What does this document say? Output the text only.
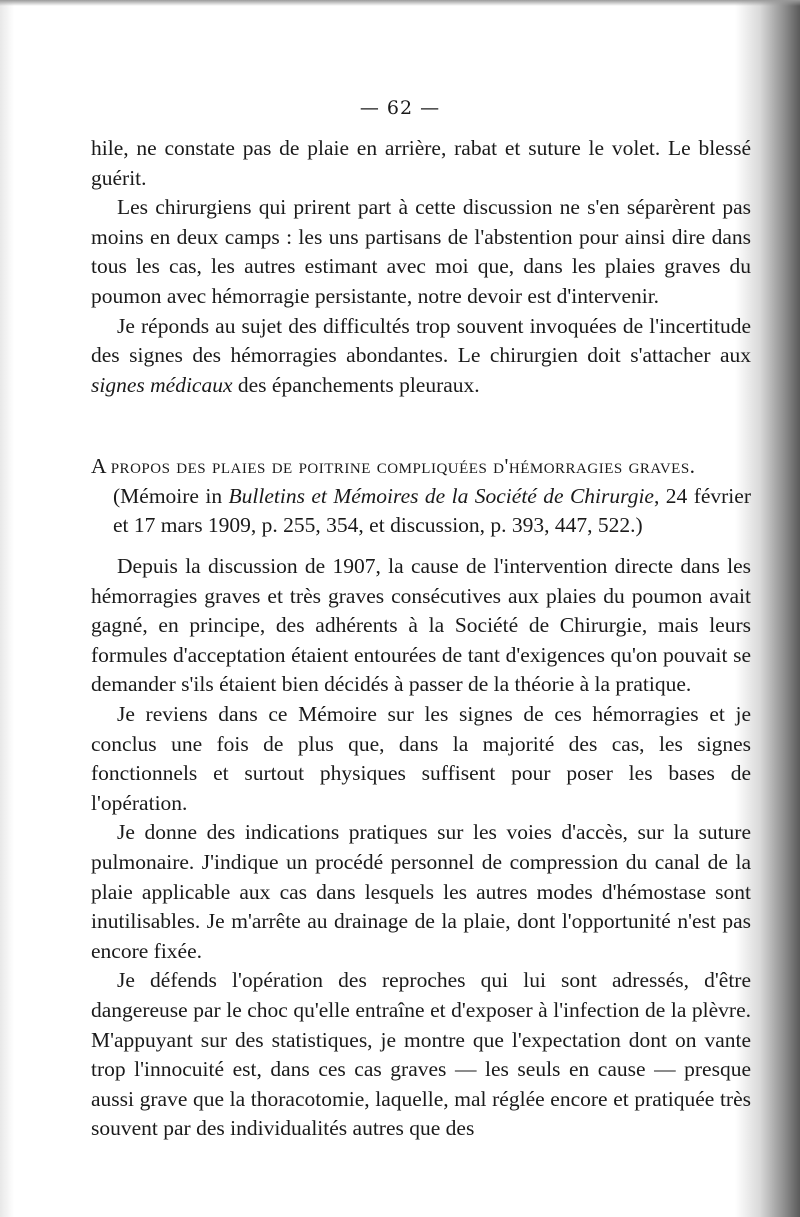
— 62 —

hile, ne constate pas de plaie en arrière, rabat et suture le volet. Le blessé guérit.

Les chirurgiens qui prirent part à cette discussion ne s'en séparèrent pas moins en deux camps : les uns partisans de l'abstention pour ainsi dire dans tous les cas, les autres estimant avec moi que, dans les plaies graves du poumon avec hémorragie persistante, notre devoir est d'intervenir.

Je réponds au sujet des difficultés trop souvent invoquées de l'incertitude des signes des hémorragies abondantes. Le chirurgien doit s'attacher aux signes médicaux des épanchements pleuraux.

A propos des plaies de poitrine compliquées d'hémorragies graves.
(Mémoire in Bulletins et Mémoires de la Société de Chirurgie, 24 février et 17 mars 1909, p. 255, 354, et discussion, p. 393, 447, 522.)

Depuis la discussion de 1907, la cause de l'intervention directe dans les hémorragies graves et très graves consécutives aux plaies du poumon avait gagné, en principe, des adhérents à la Société de Chirurgie, mais leurs formules d'acceptation étaient entourées de tant d'exigences qu'on pouvait se demander s'ils étaient bien décidés à passer de la théorie à la pratique.

Je reviens dans ce Mémoire sur les signes de ces hémorragies et je conclus une fois de plus que, dans la majorité des cas, les signes fonctionnels et surtout physiques suffisent pour poser les bases de l'opération.

Je donne des indications pratiques sur les voies d'accès, sur la suture pulmonaire. J'indique un procédé personnel de compression du canal de la plaie applicable aux cas dans lesquels les autres modes d'hémostase sont inutilisables. Je m'arrête au drainage de la plaie, dont l'opportunité n'est pas encore fixée.

Je défends l'opération des reproches qui lui sont adressés, d'être dangereuse par le choc qu'elle entraîne et d'exposer à l'infection de la plèvre. M'appuyant sur des statistiques, je montre que l'expectation dont on vante trop l'innocuité est, dans ces cas graves — les seuls en cause — presque aussi grave que la thoracotomie, laquelle, mal réglée encore et pratiquée très souvent par des individualités autres que des
